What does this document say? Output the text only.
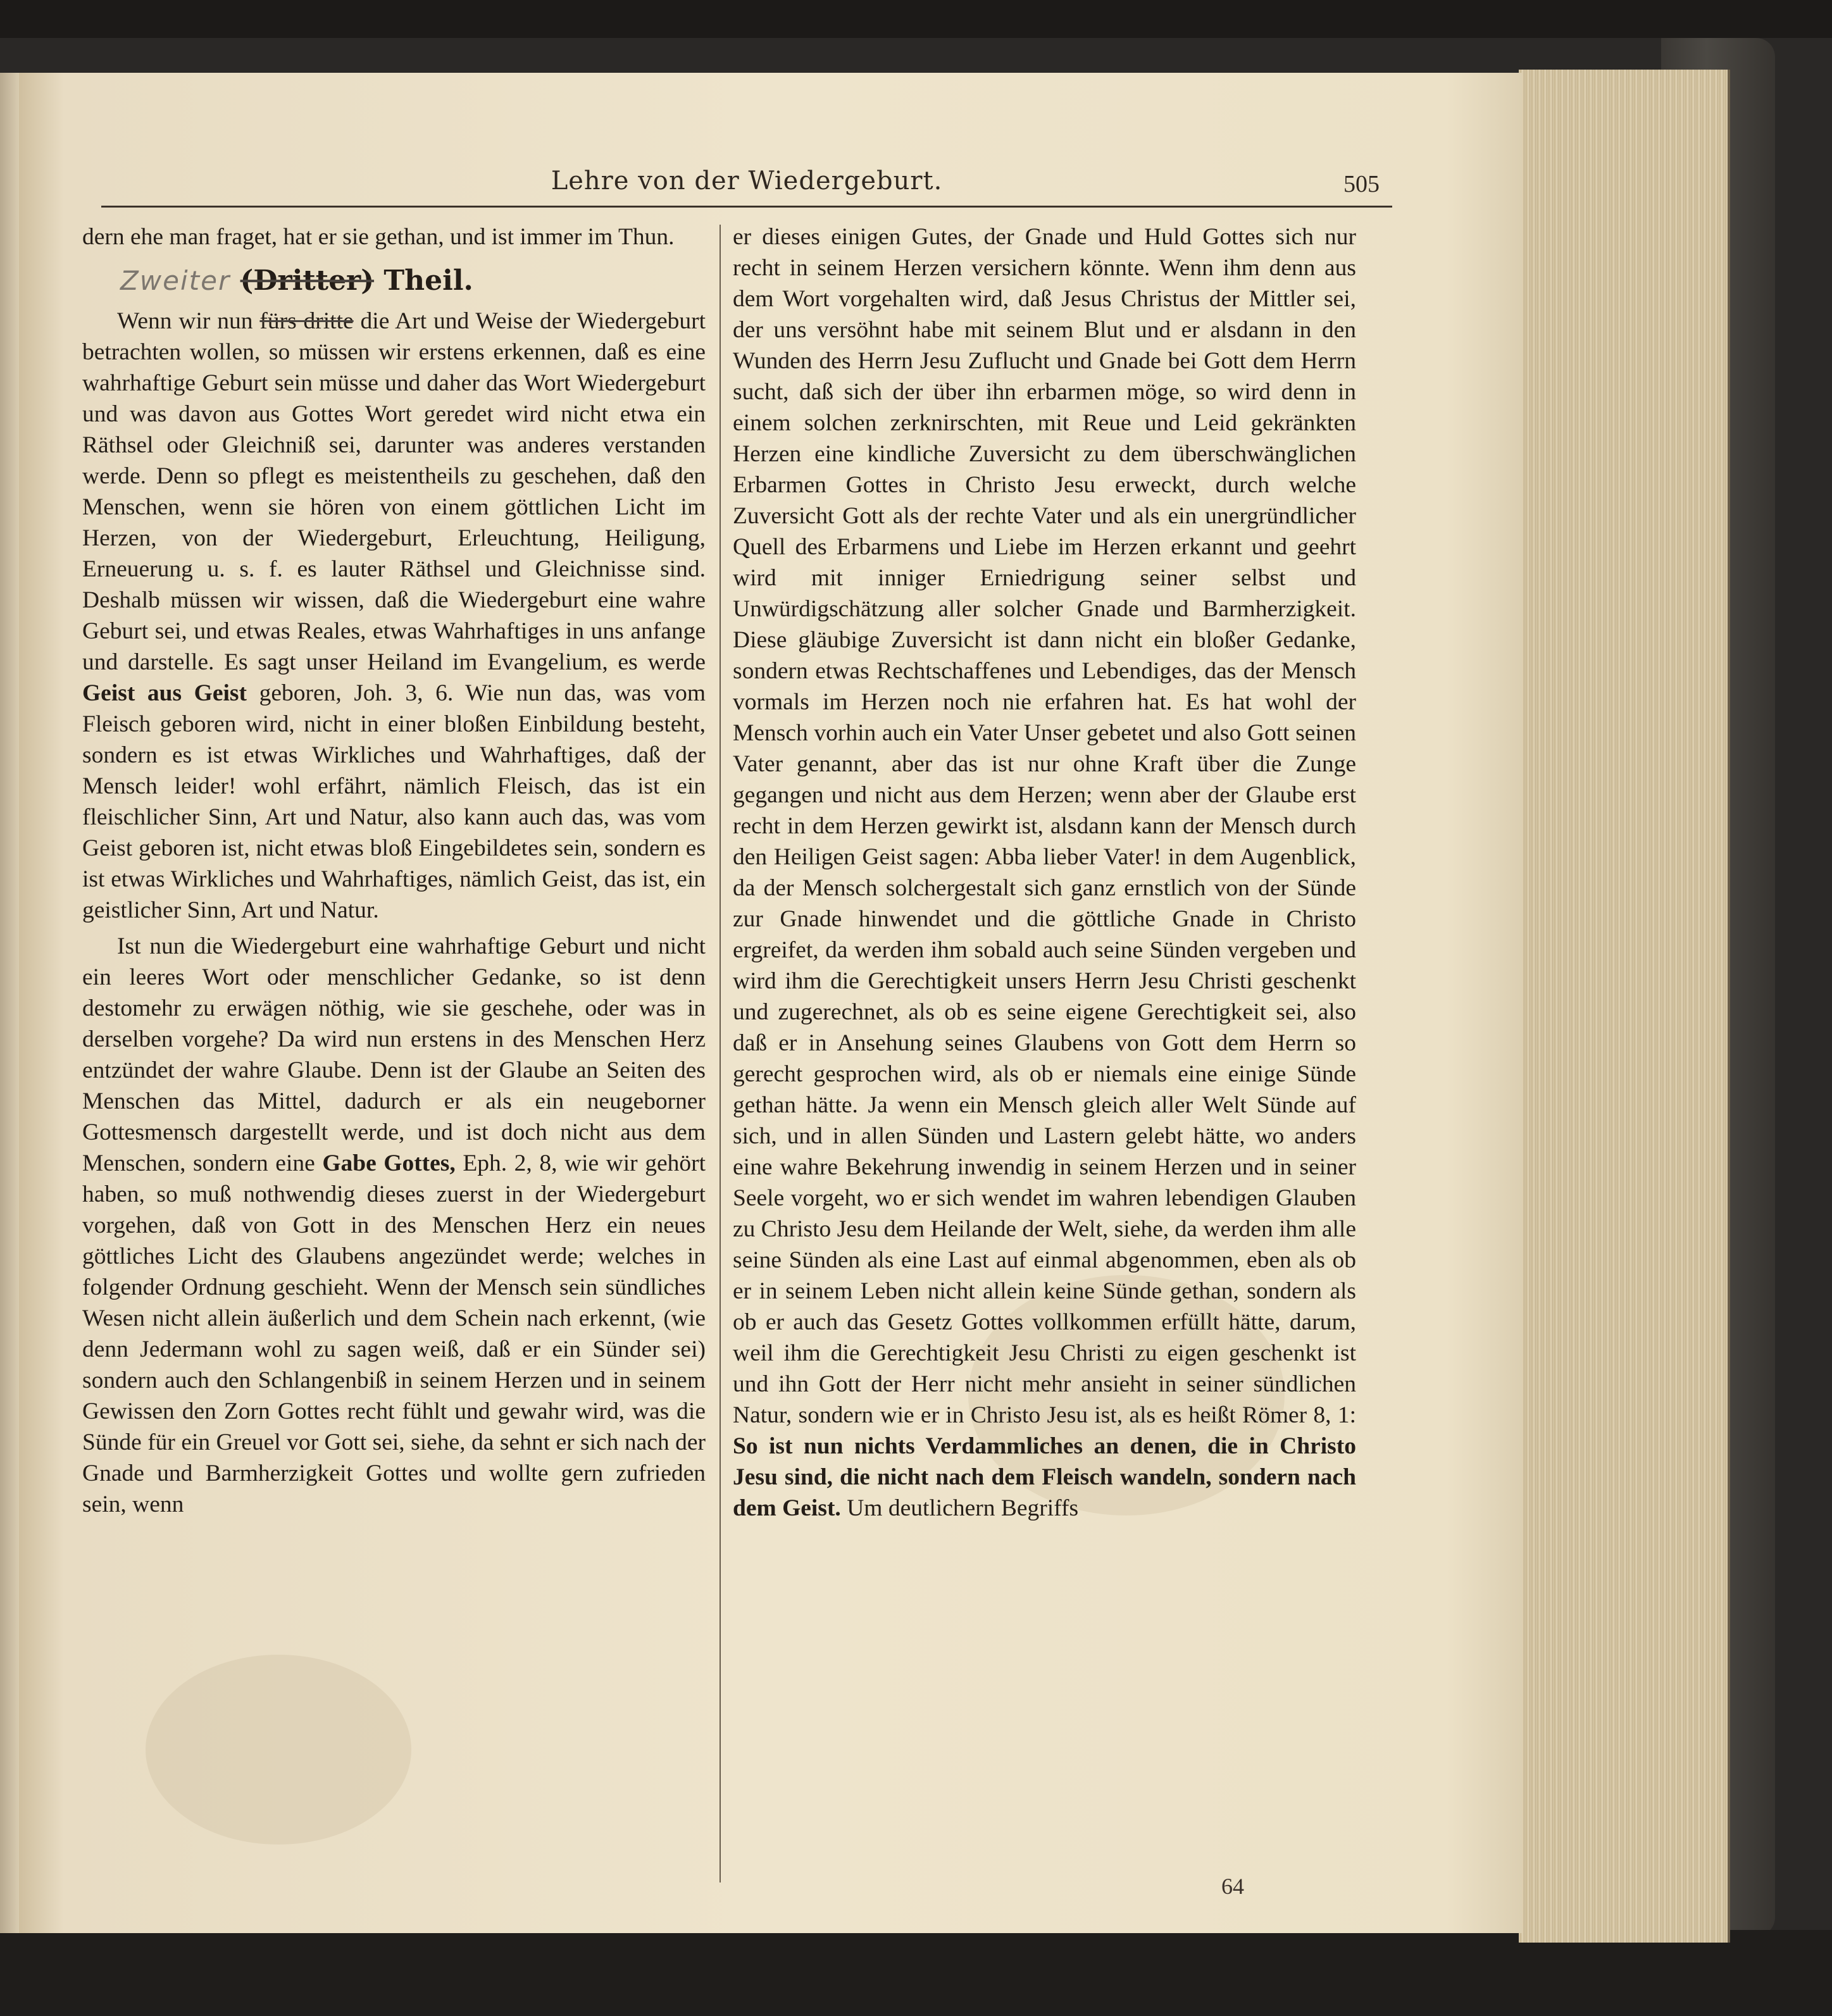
Lehre von der Wiedergeburt.	505

dern ehe man fraget, hat er sie gethan, und ist immer im Thun.

Zweiter (Dritter) Theil.

Wenn wir nun fürs dritte die Art und Weise der Wiedergeburt betrachten wollen, so müssen wir erstens erkennen, daß es eine wahrhaftige Geburt sein müsse und daher das Wort Wiedergeburt und was davon aus Gottes Wort geredet wird nicht etwa ein Räthsel oder Gleichniß sei, darunter was anderes verstanden werde. Denn so pflegt es meistentheils zu geschehen, daß den Menschen, wenn sie hören von einem göttlichen Licht im Herzen, von der Wiedergeburt, Erleuchtung, Heiligung, Erneuerung u. s. f. es lauter Räthsel und Gleichnisse sind. Deshalb müssen wir wissen, daß die Wiedergeburt eine wahre Geburt sei, und etwas Reales, etwas Wahrhaftiges in uns anfange und darstelle. Es sagt unser Heiland im Evangelium, es werde Geist aus Geist geboren, Joh. 3, 6. Wie nun das, was vom Fleisch geboren wird, nicht in einer bloßen Einbildung besteht, sondern es ist etwas Wirkliches und Wahrhaftiges, daß der Mensch leider! wohl erfährt, nämlich Fleisch, das ist ein fleischlicher Sinn, Art und Natur, also kann auch das, was vom Geist geboren ist, nicht etwas bloß Eingebildetes sein, sondern es ist etwas Wirkliches und Wahrhaftiges, nämlich Geist, das ist, ein geistlicher Sinn, Art und Natur.

Ist nun die Wiedergeburt eine wahrhaftige Geburt und nicht ein leeres Wort oder menschlicher Gedanke, so ist denn destomehr zu erwägen nöthig, wie sie geschehe, oder was in derselben vorgehe? Da wird nun erstens in des Menschen Herz entzündet der wahre Glaube. Denn ist der Glaube an Seiten des Menschen das Mittel, dadurch er als ein neugeborner Gottesmensch dargestellt werde, und ist doch nicht aus dem Menschen, sondern eine Gabe Gottes, Eph. 2, 8, wie wir gehört haben, so muß nothwendig dieses zuerst in der Wiedergeburt vorgehen, daß von Gott in des Menschen Herz ein neues göttliches Licht des Glaubens angezündet werde; welches in folgender Ordnung geschieht. Wenn der Mensch sein sündliches Wesen nicht allein äußerlich und dem Schein nach erkennt, (wie denn Jedermann wohl zu sagen weiß, daß er ein Sünder sei) sondern auch den Schlangenbiß in seinem Herzen und in seinem Gewissen den Zorn Gottes recht fühlt und gewahr wird, was die Sünde für ein Greuel vor Gott sei, siehe, da sehnt er sich nach der Gnade und Barmherzigkeit Gottes und wollte gern zufrieden sein, wenn

er dieses einigen Gutes, der Gnade und Huld Gottes sich nur recht in seinem Herzen versichern könnte. Wenn ihm denn aus dem Wort vorgehalten wird, daß Jesus Christus der Mittler sei, der uns versöhnt habe mit seinem Blut und er alsdann in den Wunden des Herrn Jesu Zuflucht und Gnade bei Gott dem Herrn sucht, daß sich der über ihn erbarmen möge, so wird denn in einem solchen zerknirschten, mit Reue und Leid gekränkten Herzen eine kindliche Zuversicht zu dem überschwänglichen Erbarmen Gottes in Christo Jesu erweckt, durch welche Zuversicht Gott als der rechte Vater und als ein unergründlicher Quell des Erbarmens und Liebe im Herzen erkannt und geehrt wird mit inniger Erniedrigung seiner selbst und Unwürdigschätzung aller solcher Gnade und Barmherzigkeit. Diese gläubige Zuversicht ist dann nicht ein bloßer Gedanke, sondern etwas Rechtschaffenes und Lebendiges, das der Mensch vormals im Herzen noch nie erfahren hat. Es hat wohl der Mensch vorhin auch ein Vater Unser gebetet und also Gott seinen Vater genannt, aber das ist nur ohne Kraft über die Zunge gegangen und nicht aus dem Herzen; wenn aber der Glaube erst recht in dem Herzen gewirkt ist, alsdann kann der Mensch durch den Heiligen Geist sagen: Abba lieber Vater! in dem Augenblick, da der Mensch solchergestalt sich ganz ernstlich von der Sünde zur Gnade hinwendet und die göttliche Gnade in Christo ergreifet, da werden ihm sobald auch seine Sünden vergeben und wird ihm die Gerechtigkeit unsers Herrn Jesu Christi geschenkt und zugerechnet, als ob es seine eigene Gerechtigkeit sei, also daß er in Ansehung seines Glaubens von Gott dem Herrn so gerecht gesprochen wird, als ob er niemals eine einige Sünde gethan hätte. Ja wenn ein Mensch gleich aller Welt Sünde auf sich, und in allen Sünden und Lastern gelebt hätte, wo anders eine wahre Bekehrung inwendig in seinem Herzen und in seiner Seele vorgeht, wo er sich wendet im wahren lebendigen Glauben zu Christo Jesu dem Heilande der Welt, siehe, da werden ihm alle seine Sünden als eine Last auf einmal abgenommen, eben als ob er in seinem Leben nicht allein keine Sünde gethan, sondern als ob er auch das Gesetz Gottes vollkommen erfüllt hätte, darum, weil ihm die Gerechtigkeit Jesu Christi zu eigen geschenkt ist und ihn Gott der Herr nicht mehr ansieht in seiner sündlichen Natur, sondern wie er in Christo Jesu ist, als es heißt Römer 8, 1: So ist nun nichts Verdammliches an denen, die in Christo Jesu sind, die nicht nach dem Fleisch wandeln, sondern nach dem Geist. Um deutlichern Begriffs

64
